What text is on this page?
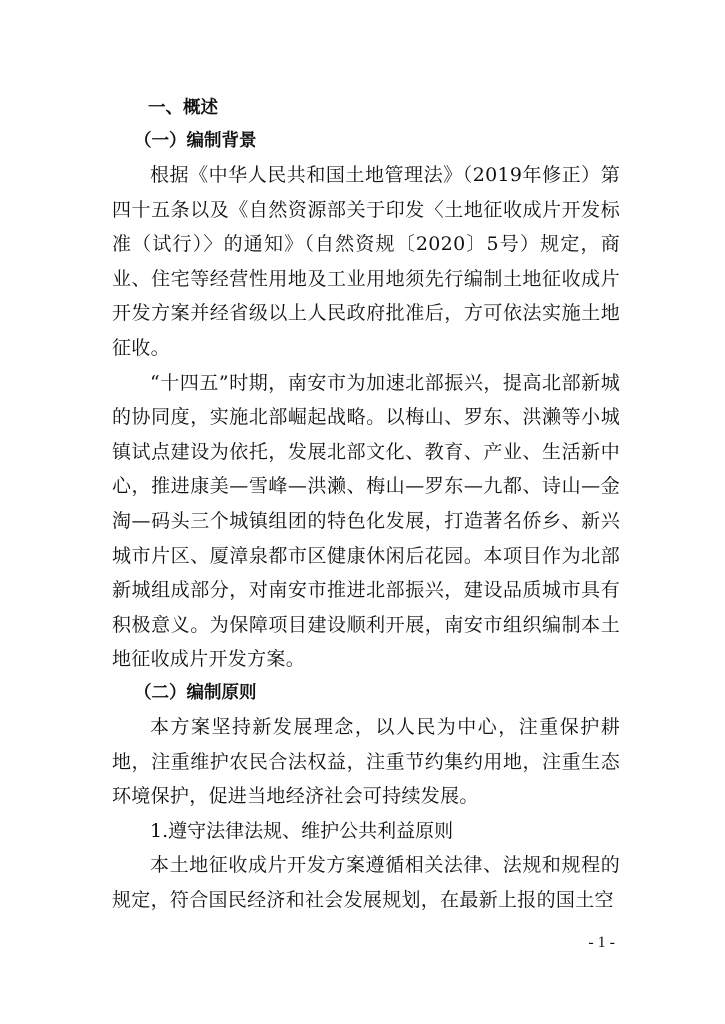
一、概述
（一）编制背景

根据《中华人民共和国土地管理法》（2019年修正）第四十五条以及《自然资源部关于印发〈土地征收成片开发标准（试行）〉的通知》（自然资规〔2020〕5号）规定，商业、住宅等经营性用地及工业用地须先行编制土地征收成片开发方案并经省级以上人民政府批准后，方可依法实施土地征收。

“十四五”时期，南安市为加速北部振兴，提高北部新城的协同度，实施北部崛起战略。以梅山、罗东、洪濑等小城镇试点建设为依托，发展北部文化、教育、产业、生活新中心，推进康美—雪峰—洪濑、梅山—罗东—九都、诗山—金淘—码头三个城镇组团的特色化发展，打造著名侨乡、新兴城市片区、厦漳泉都市区健康休闲后花园。本项目作为北部新城组成部分，对南安市推进北部振兴，建设品质城市具有积极意义。为保障项目建设顺利开展，南安市组织编制本土地征收成片开发方案。

（二）编制原则

本方案坚持新发展理念，以人民为中心，注重保护耕地，注重维护农民合法权益，注重节约集约用地，注重生态环境保护，促进当地经济社会可持续发展。

1.遵守法律法规、维护公共利益原则

本土地征收成片开发方案遵循相关法律、法规和规程的规定，符合国民经济和社会发展规划，在最新上报的国土空

- 1 -
